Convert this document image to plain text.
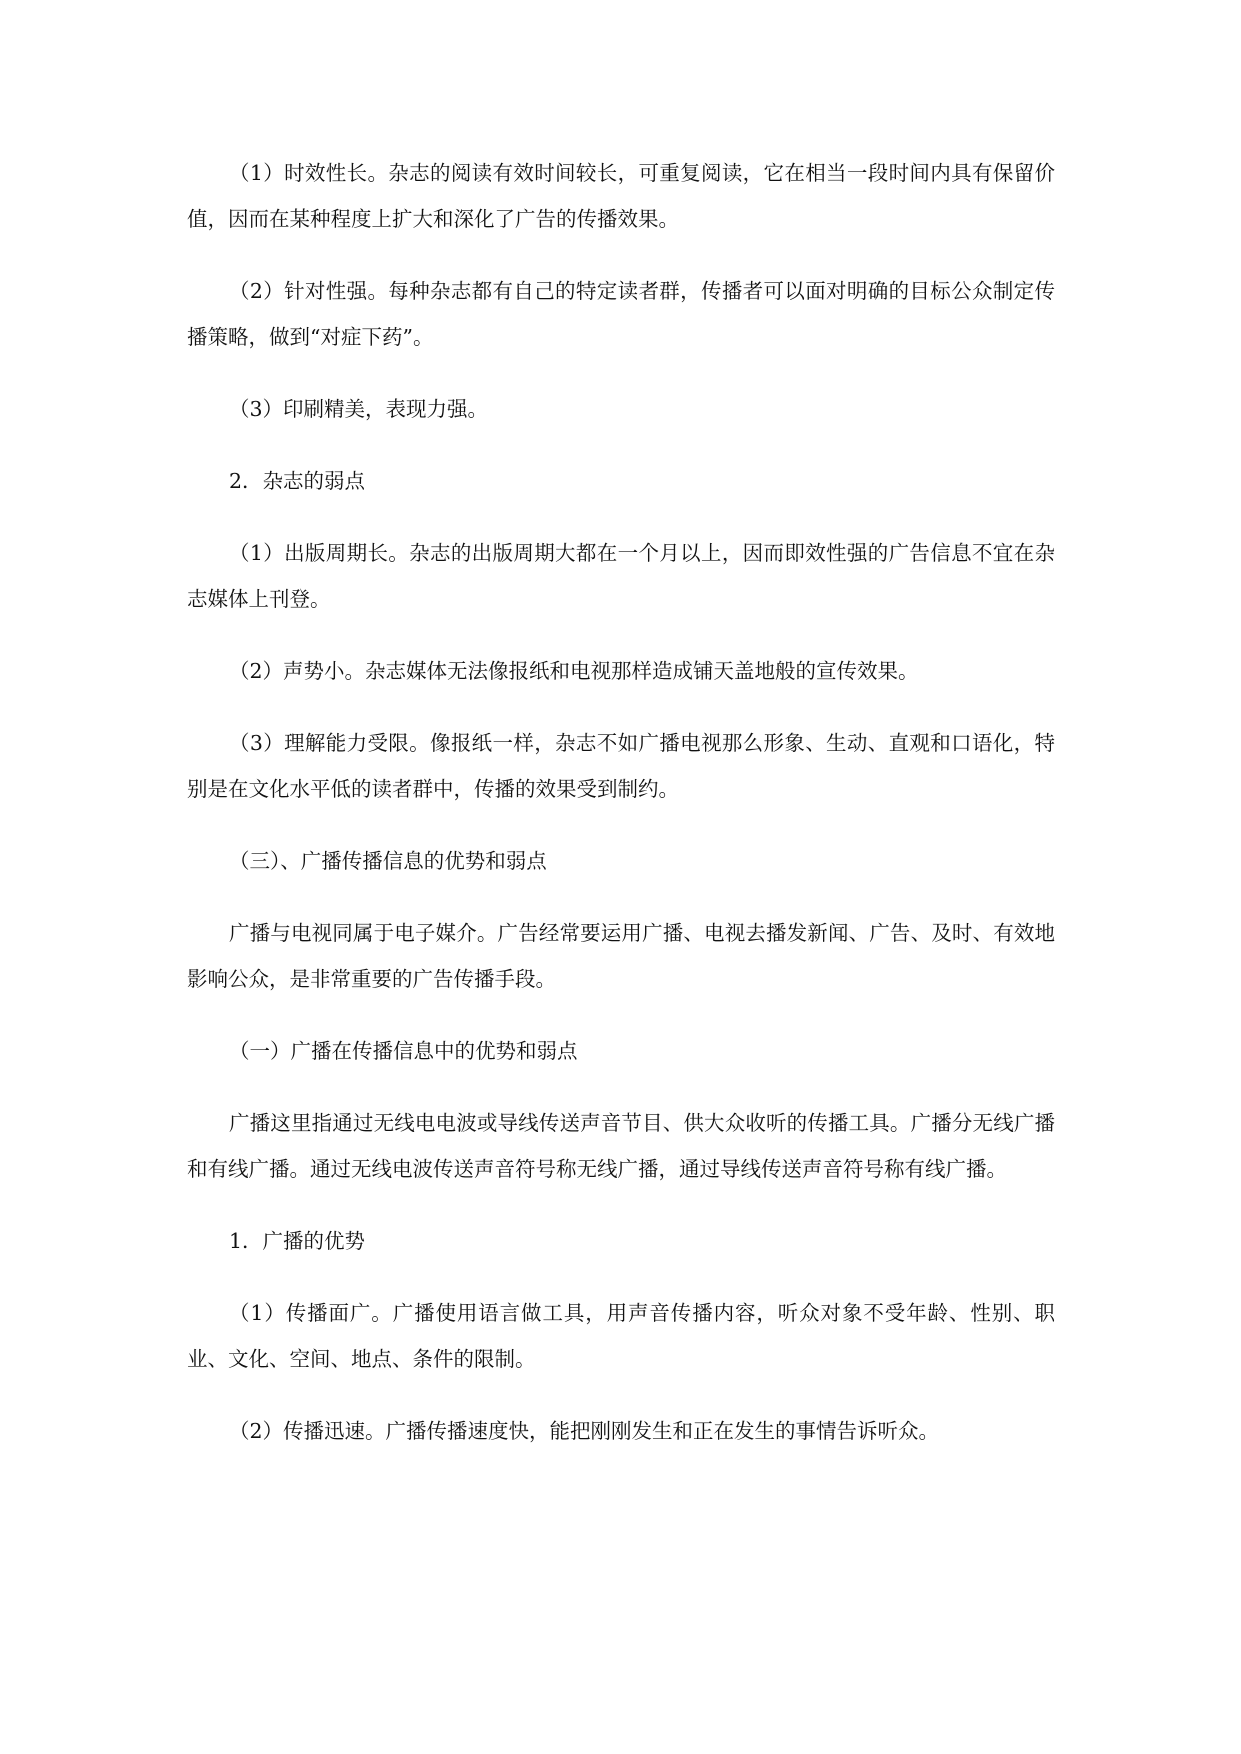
（1）时效性长。杂志的阅读有效时间较长，可重复阅读，它在相当一段时间内具有保留价值，因而在某种程度上扩大和深化了广告的传播效果。

（2）针对性强。每种杂志都有自己的特定读者群，传播者可以面对明确的目标公众制定传播策略，做到“对症下药”。

（3）印刷精美，表现力强。

2．杂志的弱点

（1）出版周期长。杂志的出版周期大都在一个月以上，因而即效性强的广告信息不宜在杂志媒体上刊登。

（2）声势小。杂志媒体无法像报纸和电视那样造成铺天盖地般的宣传效果。

（3）理解能力受限。像报纸一样，杂志不如广播电视那么形象、生动、直观和口语化，特别是在文化水平低的读者群中，传播的效果受到制约。

（三）、广播传播信息的优势和弱点

广播与电视同属于电子媒介。广告经常要运用广播、电视去播发新闻、广告、及时、有效地影响公众，是非常重要的广告传播手段。

（一）广播在传播信息中的优势和弱点

广播这里指通过无线电电波或导线传送声音节目、供大众收听的传播工具。广播分无线广播和有线广播。通过无线电波传送声音符号称无线广播，通过导线传送声音符号称有线广播。

1．广播的优势

（1）传播面广。广播使用语言做工具，用声音传播内容，听众对象不受年龄、性别、职业、文化、空间、地点、条件的限制。

（2）传播迅速。广播传播速度快，能把刚刚发生和正在发生的事情告诉听众。
